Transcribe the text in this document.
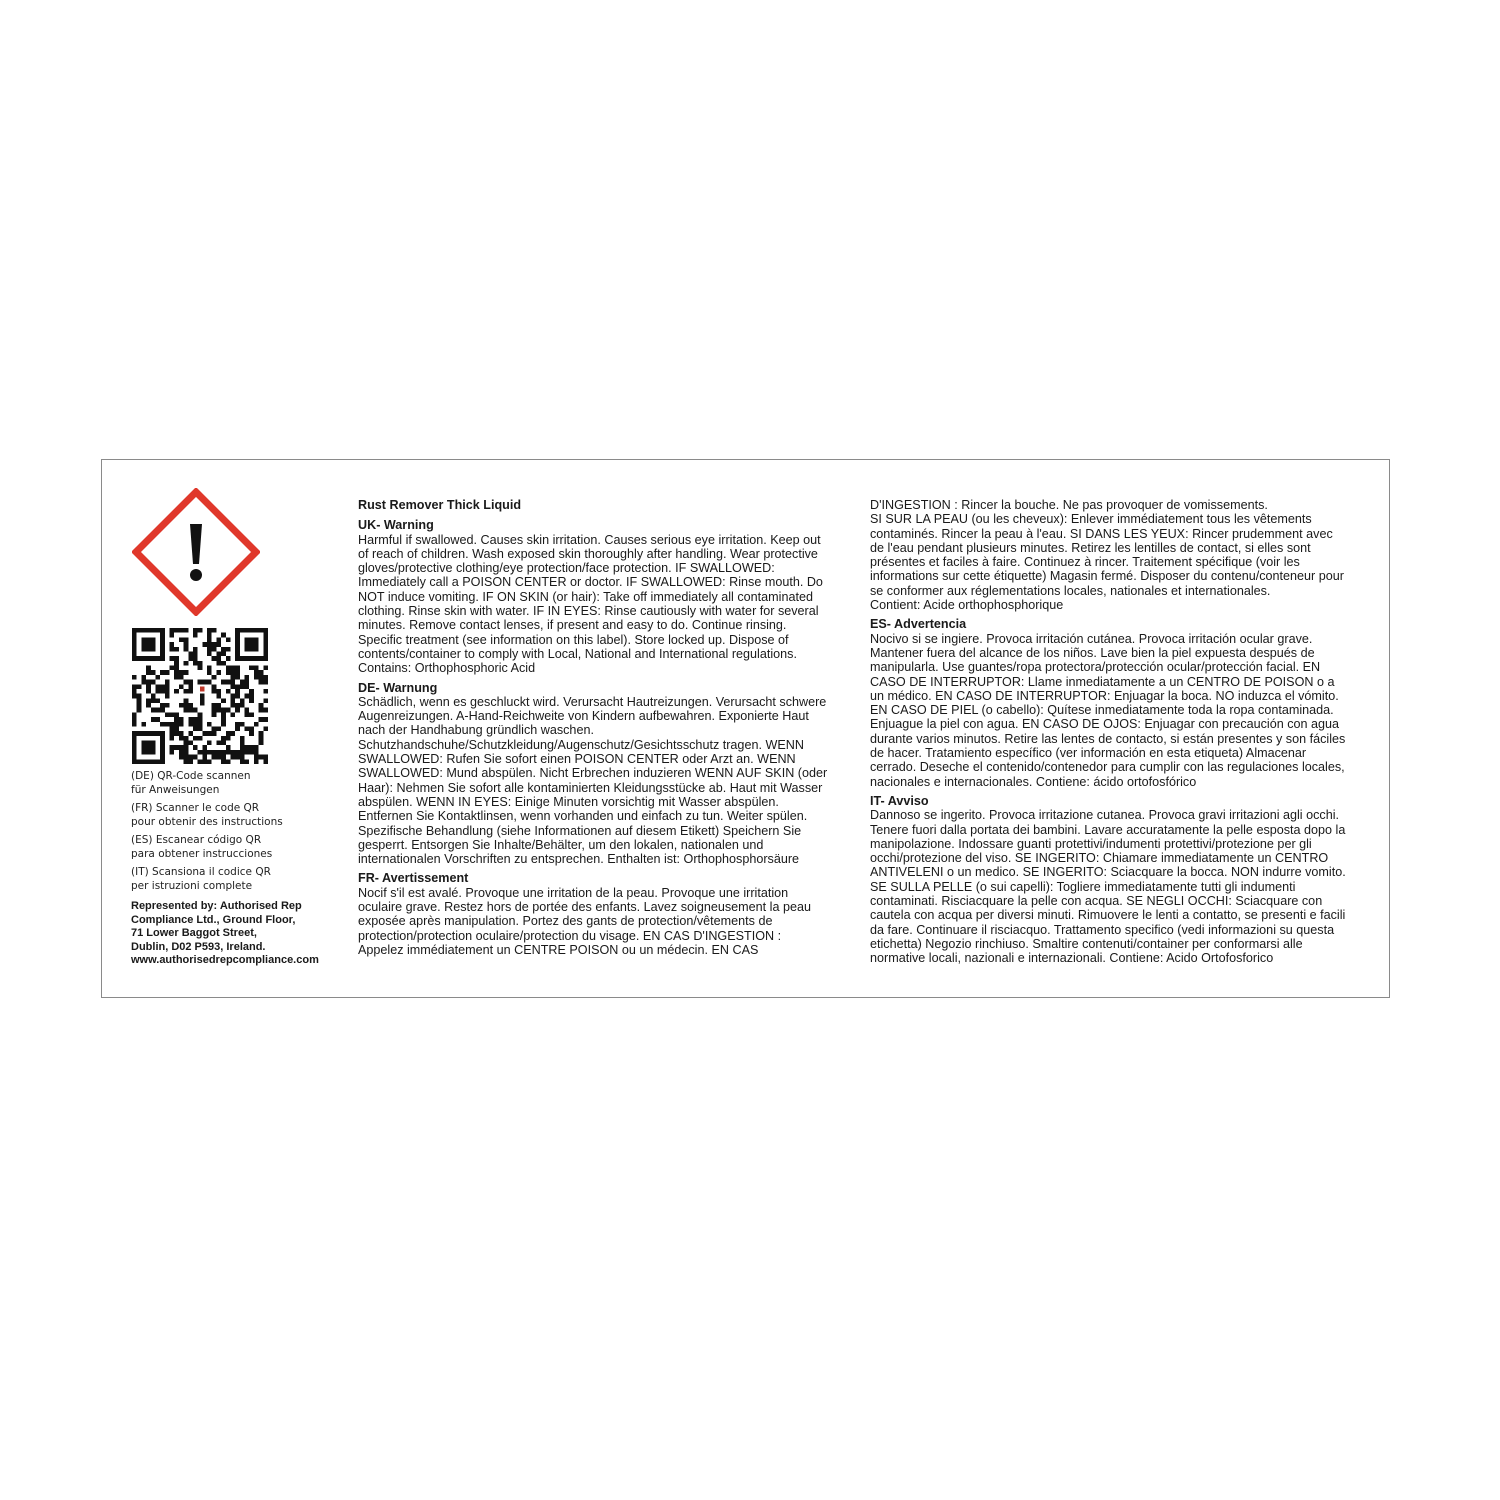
(DE) QR-Code scannen
für Anweisungen

(FR) Scanner le code QR
pour obtenir des instructions

(ES) Escanear código QR
para obtener instrucciones

(IT) Scansiona il codice QR
per istruzioni complete

Represented by: Authorised Rep
Compliance Ltd., Ground Floor,
71 Lower Baggot Street,
Dublin, D02 P593, Ireland.
www.authorisedrepcompliance.com
Rust Remover Thick Liquid
UK- Warning
Harmful if swallowed. Causes skin irritation. Causes serious eye irritation. Keep out
of reach of children. Wash exposed skin thoroughly after handling. Wear protective
gloves/protective clothing/eye protection/face protection. IF SWALLOWED:
Immediately call a POISON CENTER or doctor. IF SWALLOWED: Rinse mouth. Do
NOT induce vomiting. IF ON SKIN (or hair): Take off immediately all contaminated
clothing. Rinse skin with water. IF IN EYES: Rinse cautiously with water for several
minutes. Remove contact lenses, if present and easy to do. Continue rinsing.
Specific treatment (see information on this label). Store locked up. Dispose of
contents/container to comply with Local, National and International regulations.
Contains: Orthophosphoric Acid
DE- Warnung
Schädlich, wenn es geschluckt wird. Verursacht Hautreizungen. Verursacht schwere
Augenreizungen. A-Hand-Reichweite von Kindern aufbewahren. Exponierte Haut
nach der Handhabung gründlich waschen.
Schutzhandschuhe/Schutzkleidung/Augenschutz/Gesichtsschutz tragen. WENN
SWALLOWED: Rufen Sie sofort einen POISON CENTER oder Arzt an. WENN
SWALLOWED: Mund abspülen. Nicht Erbrechen induzieren WENN AUF SKIN (oder
Haar): Nehmen Sie sofort alle kontaminierten Kleidungsstücke ab. Haut mit Wasser
abspülen. WENN IN EYES: Einige Minuten vorsichtig mit Wasser abspülen.
Entfernen Sie Kontaktlinsen, wenn vorhanden und einfach zu tun. Weiter spülen.
Spezifische Behandlung (siehe Informationen auf diesem Etikett) Speichern Sie
gesperrt. Entsorgen Sie Inhalte/Behälter, um den lokalen, nationalen und
internationalen Vorschriften zu entsprechen. Enthalten ist: Orthophosphorsäure
FR- Avertissement
Nocif s'il est avalé. Provoque une irritation de la peau. Provoque une irritation
oculaire grave. Restez hors de portée des enfants. Lavez soigneusement la peau
exposée après manipulation. Portez des gants de protection/vêtements de
protection/protection oculaire/protection du visage. EN CAS D'INGESTION :
Appelez immédiatement un CENTRE POISON ou un médecin. EN CAS
D'INGESTION : Rincer la bouche. Ne pas provoquer de vomissements.
SI SUR LA PEAU (ou les cheveux): Enlever immédiatement tous les vêtements
contaminés. Rincer la peau à l'eau. SI DANS LES YEUX: Rincer prudemment avec
de l'eau pendant plusieurs minutes. Retirez les lentilles de contact, si elles sont
présentes et faciles à faire. Continuez à rincer. Traitement spécifique (voir les
informations sur cette étiquette) Magasin fermé. Disposer du contenu/conteneur pour
se conformer aux réglementations locales, nationales et internationales.
Contient: Acide orthophosphorique
ES- Advertencia
Nocivo si se ingiere. Provoca irritación cutánea. Provoca irritación ocular grave.
Mantener fuera del alcance de los niños. Lave bien la piel expuesta después de
manipularla. Use guantes/ropa protectora/protección ocular/protección facial. EN
CASO DE INTERRUPTOR: Llame inmediatamente a un CENTRO DE POISON o a
un médico. EN CASO DE INTERRUPTOR: Enjuagar la boca. NO induzca el vómito.
EN CASO DE PIEL (o cabello): Quítese inmediatamente toda la ropa contaminada.
Enjuague la piel con agua. EN CASO DE OJOS: Enjuagar con precaución con agua
durante varios minutos. Retire las lentes de contacto, si están presentes y son fáciles
de hacer. Tratamiento específico (ver información en esta etiqueta) Almacenar
cerrado. Deseche el contenido/contenedor para cumplir con las regulaciones locales,
nacionales e internacionales. Contiene: ácido ortofosfórico
IT- Avviso
Dannoso se ingerito. Provoca irritazione cutanea. Provoca gravi irritazioni agli occhi.
Tenere fuori dalla portata dei bambini. Lavare accuratamente la pelle esposta dopo la
manipolazione. Indossare guanti protettivi/indumenti protettivi/protezione per gli
occhi/protezione del viso. SE INGERITO: Chiamare immediatamente un CENTRO
ANTIVELENI o un medico. SE INGERITO: Sciacquare la bocca. NON indurre vomito.
SE SULLA PELLE (o sui capelli): Togliere immediatamente tutti gli indumenti
contaminati. Risciacquare la pelle con acqua. SE NEGLI OCCHI: Sciacquare con
cautela con acqua per diversi minuti. Rimuovere le lenti a contatto, se presenti e facili
da fare. Continuare il risciacquo. Trattamento specifico (vedi informazioni su questa
etichetta) Negozio rinchiuso. Smaltire contenuti/container per conformarsi alle
normative locali, nazionali e internazionali. Contiene: Acido Ortofosforico
